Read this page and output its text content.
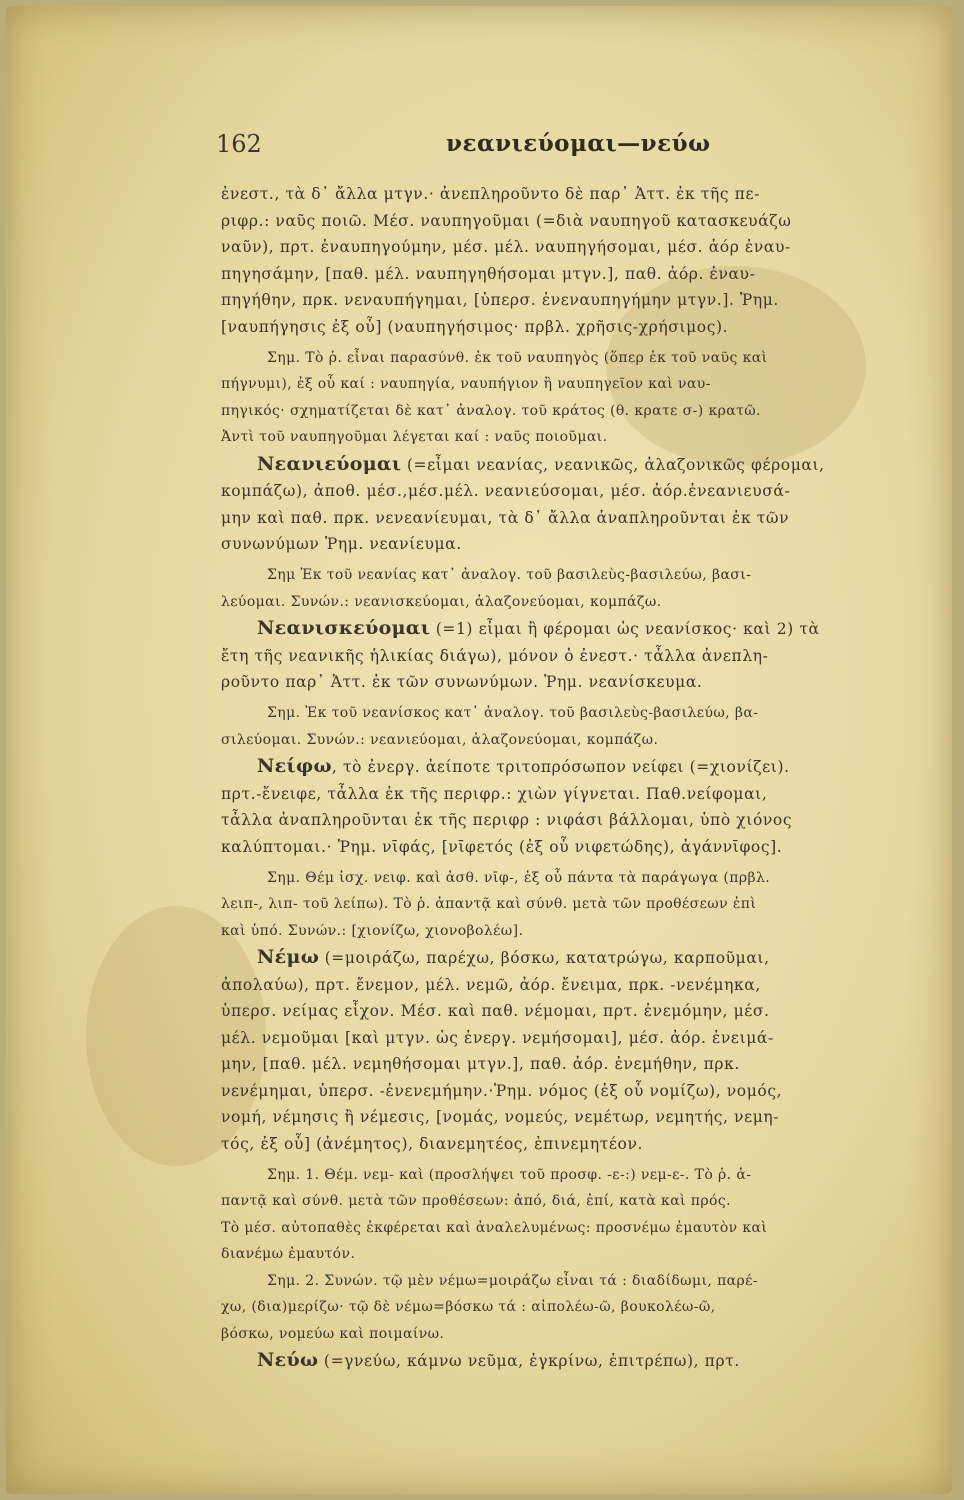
162	νεανιεύομαι—νεύω
ἐνεστ., τὰ δ᾽ ἄλλα μτγν.· ἀνεπληροῦντο δὲ παρ᾽ Ἀττ. ἐκ τῆς πε-
ριφρ.: ναῦς ποιῶ. Μέσ. ναυπηγοῦμαι (=διὰ ναυπηγοῦ κατασκευάζω
ναῦν), πρτ. ἐναυπηγούμην, μέσ. μέλ. ναυπηγήσομαι, μέσ. ἀόρ ἐναυ-
πηγησάμην, [παθ. μέλ. ναυπηγηθήσομαι μτγν.], παθ. ἀόρ. ἐναυ-
πηγήθην, πρκ. νεναυπήγημαι, [ὑπερσ. ἐνεναυπηγήμην μτγν.]. Ῥημ.
[ναυπήγησις ἐξ οὗ] (ναυπηγήσιμος· πρβλ. χρῆσις-χρήσιμος).
Σημ. Τὸ ῥ. εἶναι παρασύνθ. ἐκ τοῦ ναυπηγὸς (ὅπερ ἐκ τοῦ ναῦς καὶ
πήγνυμι), ἐξ οὗ καί : ναυπηγία, ναυπήγιον ἢ ναυπηγεῖον καὶ ναυ-
πηγικός· σχηματίζεται δὲ κατ᾽ ἀναλογ. τοῦ κράτος (θ. κρατε σ-) κρατῶ.
Ἀντὶ τοῦ ναυπηγοῦμαι λέγεται καί : ναῦς ποιοῦμαι.
Νεανιεύομαι (=εἶμαι νεανίας, νεανικῶς, ἀλαζονικῶς φέρομαι,
κομπάζω), ἀποθ. μέσ.,μέσ.μέλ. νεανιεύσομαι, μέσ. ἀόρ.ἐνεανιευσά-
μην καὶ παθ. πρκ. νενεανίευμαι, τὰ δ᾽ ἄλλα ἀναπληροῦνται ἐκ τῶν
συνωνύμων Ῥημ. νεανίευμα.
Σημ Ἐκ τοῦ νεανίας κατ᾽ ἀναλογ. τοῦ βασιλεὺς-βασιλεύω, βασι-
λεύομαι. Συνών.: νεανισκεύομαι, ἀλαζονεύομαι, κομπάζω.
Νεανισκεύομαι (=1) εἶμαι ἢ φέρομαι ὡς νεανίσκος· καὶ 2) τὰ
ἔτη τῆς νεανικῆς ἡλικίας διάγω), μόνον ὁ ἐνεστ.· τἆλλα ἀνεπλη-
ροῦντο παρ᾽ Ἀττ. ἐκ τῶν συνωνύμων. Ῥημ. νεανίσκευμα.
Σημ. Ἐκ τοῦ νεανίσκος κατ᾽ ἀναλογ. τοῦ βασιλεὺς-βασιλεύω, βα-
σιλεύομαι. Συνών.: νεανιεύομαι, ἀλαζονεύομαι, κομπάζω.
Νείφω, τὸ ἐνεργ. ἀείποτε τριτοπρόσωπον νείφει (=χιονίζει).
πρτ.-ἔνειφε, τἆλλα ἐκ τῆς περιφρ.: χιὼν γίγνεται. Παθ.νείφομαι,
τἆλλα ἀναπληροῦνται ἐκ τῆς περιφρ : νιφάσι βάλλομαι, ὑπὸ χιόνος
καλύπτομαι.· Ῥημ. νῑφάς, [νῑφετός (ἐξ οὗ νιφετώδης), ἀγάννῑφος].
Σημ. Θέμ ἰσχ. νειφ. καὶ ἀσθ. νῑφ-, ἐξ οὗ πάντα τὰ παράγωγα (πρβλ.
λειπ-, λιπ- τοῦ λείπω). Τὸ ῥ. ἀπαντᾷ καὶ σύνθ. μετὰ τῶν προθέσεων ἐπὶ
καὶ ὑπό. Συνών.: [χιονίζω, χιονοβολέω].
Νέμω (=μοιράζω, παρέχω, βόσκω, κατατρώγω, καρποῦμαι,
ἀπολαύω), πρτ. ἔνεμον, μέλ. νεμῶ, ἀόρ. ἔνειμα, πρκ. -νενέμηκα,
ὑπερσ. νείμας εἶχον. Μέσ. καὶ παθ. νέμομαι, πρτ. ἐνεμόμην, μέσ.
μέλ. νεμοῦμαι [καὶ μτγν. ὡς ἐνεργ. νεμήσομαι], μέσ. ἀόρ. ἐνειμά-
μην, [παθ. μέλ. νεμηθήσομαι μτγν.], παθ. ἀόρ. ἐνεμήθην, πρκ.
νενέμημαι, ὑπερσ. -ἐνενεμήμην.·Ῥημ. νόμος (ἐξ οὗ νομίζω), νομός,
νομή, νέμησις ἢ νέμεσις, [νομάς, νομεύς, νεμέτωρ, νεμητής, νεμη-
τός, ἐξ οὗ] (ἀνέμητος), διανεμητέος, ἐπινεμητέον.
Σημ. 1. Θέμ. νεμ- καὶ (προσλήψει τοῦ προσφ. -ε-:) νεμ-ε-. Τὸ ῥ. ἀ-
παντᾷ καὶ σύνθ. μετὰ τῶν προθέσεων: ἀπό, διά, ἐπί, κατὰ καὶ πρός.
Τὸ μέσ. αὐτοπαθὲς ἐκφέρεται καὶ ἀναλελυμένως: προσνέμω ἐμαυτὸν καὶ
διανέμω ἐμαυτόν.
Σημ. 2. Συνών. τῷ μὲν νέμω=μοιράζω εἶναι τά : διαδίδωμι, παρέ-
χω, (δια)μερίζω· τῷ δὲ νέμω=βόσκω τά : αἰπολέω-ῶ, βουκολέω-ῶ,
βόσκω, νομεύω καὶ ποιμαίνω.
Νεύω (=γνεύω, κάμνω νεῦμα, ἐγκρίνω, ἐπιτρέπω), πρτ.
